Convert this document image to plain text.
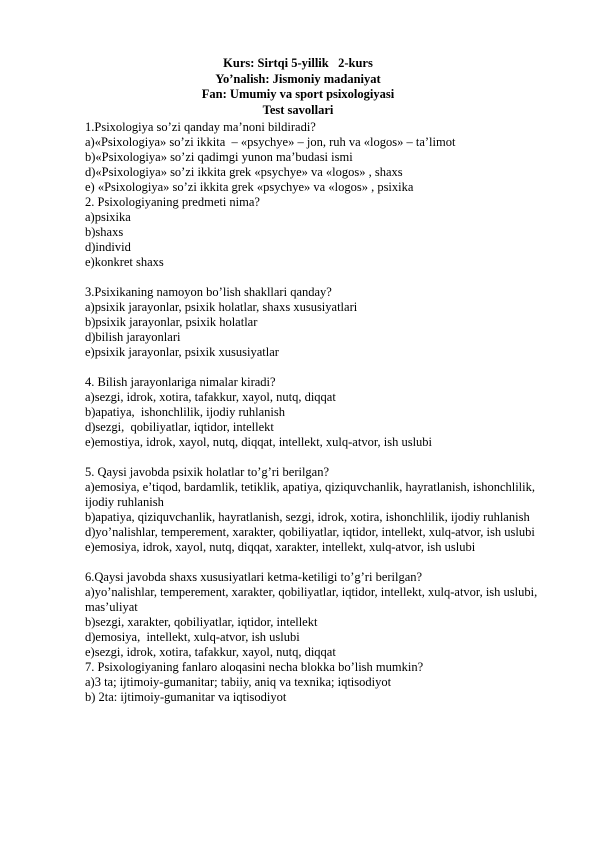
Kurs: Sirtqi 5-yillik   2-kurs
Yo’nalish: Jismoniy madaniyat
Fan: Umumiy va sport psixologiyasi
Test savollari
1.Psixologiya so’zi qanday ma’noni bildiradi?
a)«Psixologiya» so’zi ikkita  – «psychye» – jon, ruh va «logos» – ta’limot
b)«Psixologiya» so’zi qadimgi yunon ma’budasi ismi
d)«Psixologiya» so’zi ikkita grek «psychye» va «logos» , shaxs
e) «Psixologiya» so’zi ikkita grek «psychye» va «logos» , psixika
2. Psixologiyaning predmeti nima?
a)psixika
b)shaxs
d)individ
e)konkret shaxs
3.Psixikaning namoyon bo’lish shakllari qanday?
a)psixik jarayonlar, psixik holatlar, shaxs xususiyatlari
b)psixik jarayonlar, psixik holatlar
d)bilish jarayonlari
e)psixik jarayonlar, psixik xususiyatlar
4. Bilish jarayonlariga nimalar kiradi?
a)sezgi, idrok, xotira, tafakkur, xayol, nutq, diqqat
b)apatiya,  ishonchlilik, ijodiy ruhlanish
d)sezgi,  qobiliyatlar, iqtidor, intellekt
e)emostiya, idrok, xayol, nutq, diqqat, intellekt, xulq-atvor, ish uslubi
5. Qaysi javobda psixik holatlar to’g’ri berilgan?
a)emosiya, e’tiqod, bardamlik, tetiklik, apatiya, qiziquvchanlik, hayratlanish, ishonchlilik, ijodiy ruhlanish
b)apatiya, qiziquvchanlik, hayratlanish, sezgi, idrok, xotira, ishonchlilik, ijodiy ruhlanish
d)yo’nalishlar, temperement, xarakter, qobiliyatlar, iqtidor, intellekt, xulq-atvor, ish uslubi
e)emosiya, idrok, xayol, nutq, diqqat, xarakter, intellekt, xulq-atvor, ish uslubi
6.Qaysi javobda shaxs xususiyatlari ketma-ketiligi to’g’ri berilgan?
a)yo’nalishlar, temperement, xarakter, qobiliyatlar, iqtidor, intellekt, xulq-atvor, ish uslubi, mas’uliyat
b)sezgi, xarakter, qobiliyatlar, iqtidor, intellekt
d)emosiya,  intellekt, xulq-atvor, ish uslubi
e)sezgi, idrok, xotira, tafakkur, xayol, nutq, diqqat
7. Psixologiyaning fanlaro aloqasini necha blokka bo’lish mumkin?
a)3 ta; ijtimoiy-gumanitar; tabiiy, aniq va texnika; iqtisodiyot
b) 2ta: ijtimoiy-gumanitar va iqtisodiyot
